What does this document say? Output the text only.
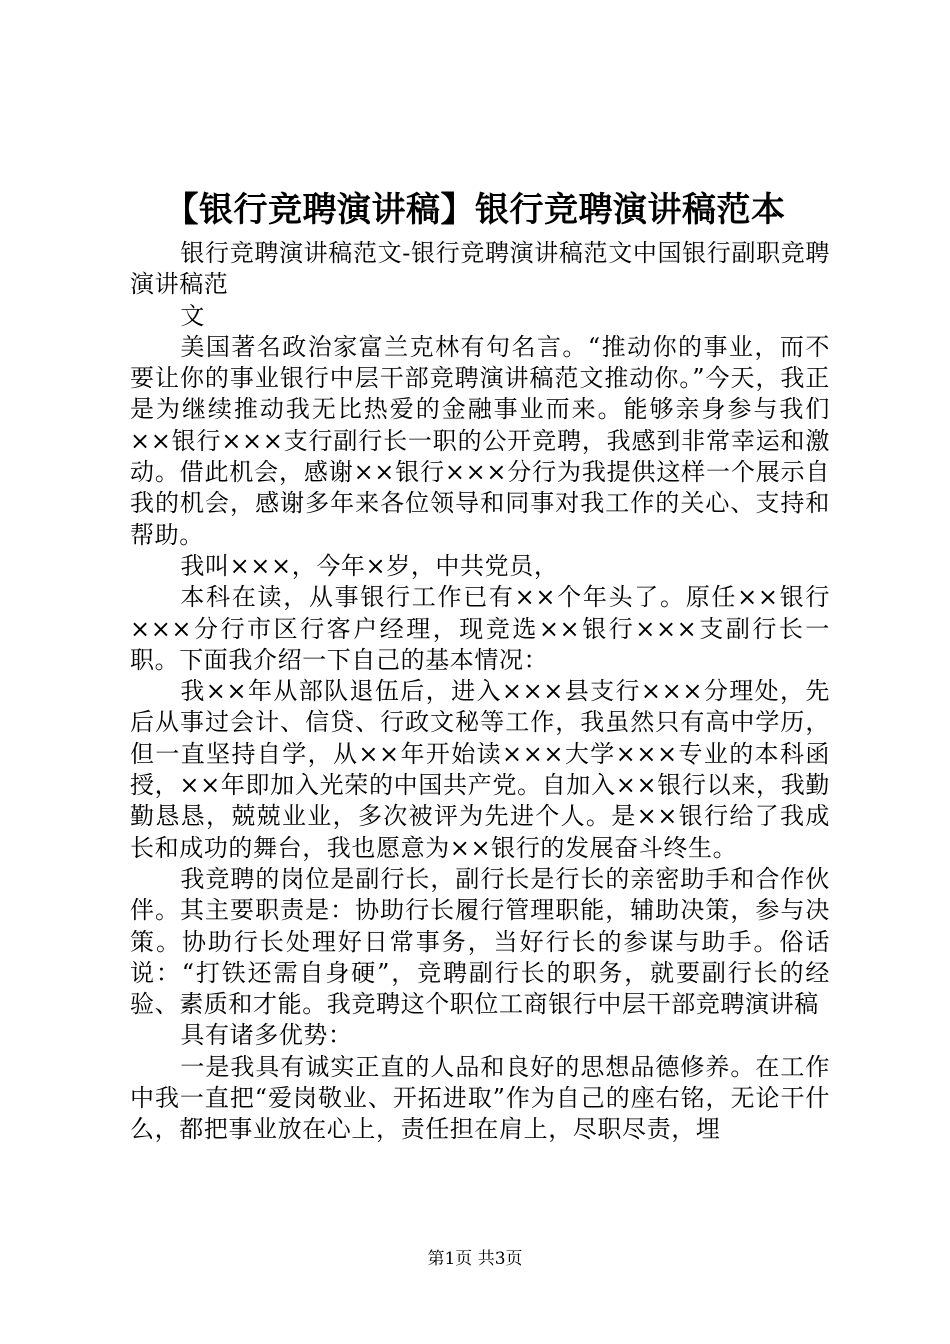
【银行竞聘演讲稿】银行竞聘演讲稿范本

银行竞聘演讲稿范文-银行竞聘演讲稿范文中国银行副职竞聘演讲稿范

文

美国著名政治家富兰克林有句名言。“推动你的事业，而不要让你的事业银行中层干部竞聘演讲稿范文推动你。”今天，我正是为继续推动我无比热爱的金融事业而来。能够亲身参与我们××银行×××支行副行长一职的公开竞聘，我感到非常幸运和激动。借此机会，感谢××银行×××分行为我提供这样一个展示自我的机会，感谢多年来各位领导和同事对我工作的关心、支持和帮助。

我叫×××，今年×岁，中共党员，

本科在读，从事银行工作已有××个年头了。原任××银行×××分行市区行客户经理，现竞选××银行×××支副行长一职。下面我介绍一下自己的基本情况：

我××年从部队退伍后，进入×××县支行×××分理处，先后从事过会计、信贷、行政文秘等工作，我虽然只有高中学历，但一直坚持自学，从××年开始读×××大学×××专业的本科函授，××年即加入光荣的中国共产党。自加入××银行以来，我勤勤恳恳，兢兢业业，多次被评为先进个人。是××银行给了我成长和成功的舞台，我也愿意为××银行的发展奋斗终生。

我竞聘的岗位是副行长，副行长是行长的亲密助手和合作伙伴。其主要职责是：协助行长履行管理职能，辅助决策，参与决策。协助行长处理好日常事务，当好行长的参谋与助手。俗话说：“打铁还需自身硬”，竞聘副行长的职务，就要副行长的经验、素质和才能。我竞聘这个职位工商银行中层干部竞聘演讲稿

具有诸多优势：

一是我具有诚实正直的人品和良好的思想品德修养。在工作中我一直把“爱岗敬业、开拓进取”作为自己的座右铭，无论干什么，都把事业放在心上，责任担在肩上，尽职尽责，埋

第1页 共3页
